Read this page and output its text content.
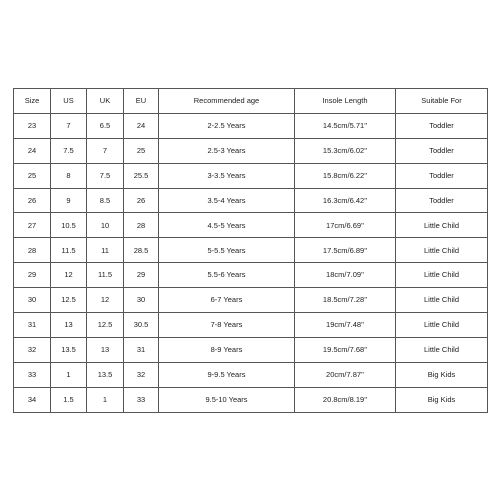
Size	US	UK	EU	Recommended age	Insole Length	Suitable For
23	7	6.5	24	2-2.5 Years	14.5cm/5.71''	Toddler
24	7.5	7	25	2.5-3 Years	15.3cm/6.02''	Toddler
25	8	7.5	25.5	3-3.5 Years	15.8cm/6.22''	Toddler
26	9	8.5	26	3.5-4 Years	16.3cm/6.42''	Toddler
27	10.5	10	28	4.5-5 Years	17cm/6.69''	Little Child
28	11.5	11	28.5	5-5.5 Years	17.5cm/6.89''	Little Child
29	12	11.5	29	5.5-6 Years	18cm/7.09''	Little Child
30	12.5	12	30	6-7 Years	18.5cm/7.28''	Little Child
31	13	12.5	30.5	7-8 Years	19cm/7.48''	Little Child
32	13.5	13	31	8-9 Years	19.5cm/7.68''	Little Child
33	1	13.5	32	9-9.5 Years	20cm/7.87''	Big Kids
34	1.5	1	33	9.5-10 Years	20.8cm/8.19''	Big Kids
